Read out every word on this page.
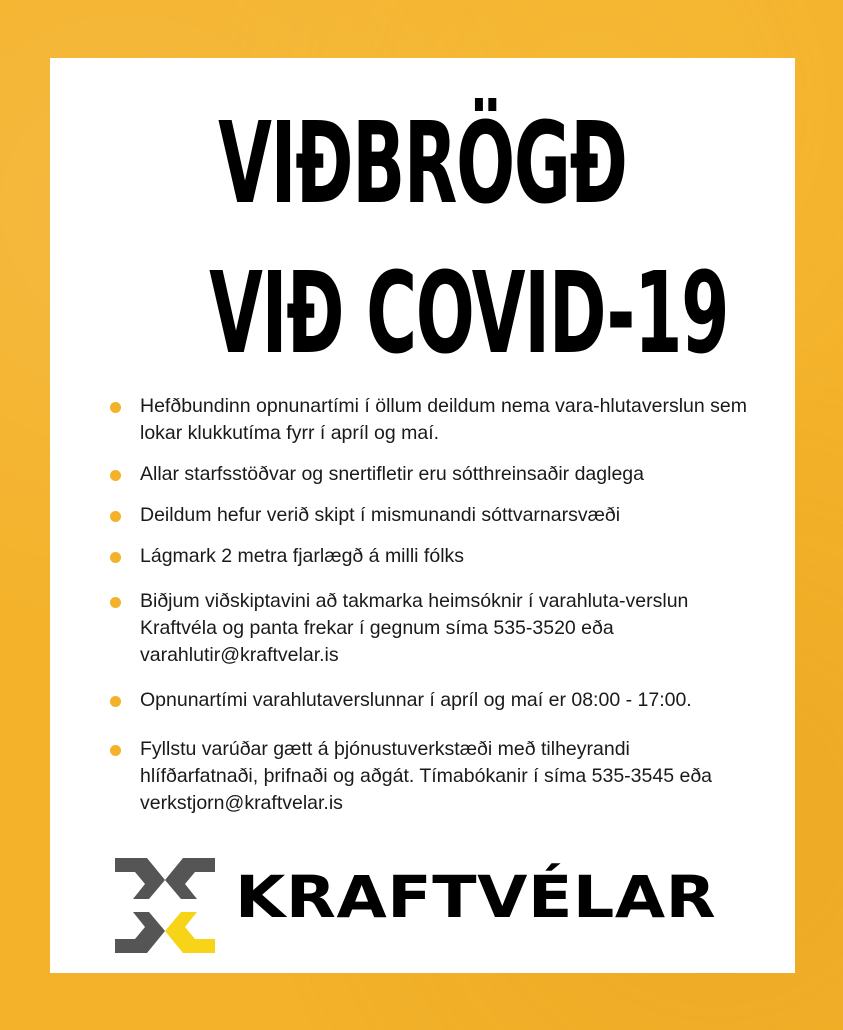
VIÐBRÖGÐ
VIÐ COVID-19
Hefðbundinn opnunartími í öllum deildum nema vara-hlutaverslun sem lokar klukkutíma fyrr í apríl og maí.
Allar starfsstöðvar og snertifletir eru sótthreinsaðir daglega
Deildum hefur verið skipt í mismunandi sóttvarnarsvæði
Lágmark 2 metra fjarlægð á milli fólks
Biðjum viðskiptavini að takmarka heimsóknir í varahluta-verslun Kraftvéla og panta frekar í gegnum síma 535-3520 eða varahlutir@kraftvelar.is
Opnunartími varahlutaverslunnar í apríl og maí er 08:00 - 17:00.
Fyllstu varúðar gætt á þjónustuverkstæði með tilheyrandi hlífðarfatnaði, þrifnaði og aðgát. Tímabókanir í síma 535-3545 eða verkstjorn@kraftvelar.is
KRAFTVÉLAR
